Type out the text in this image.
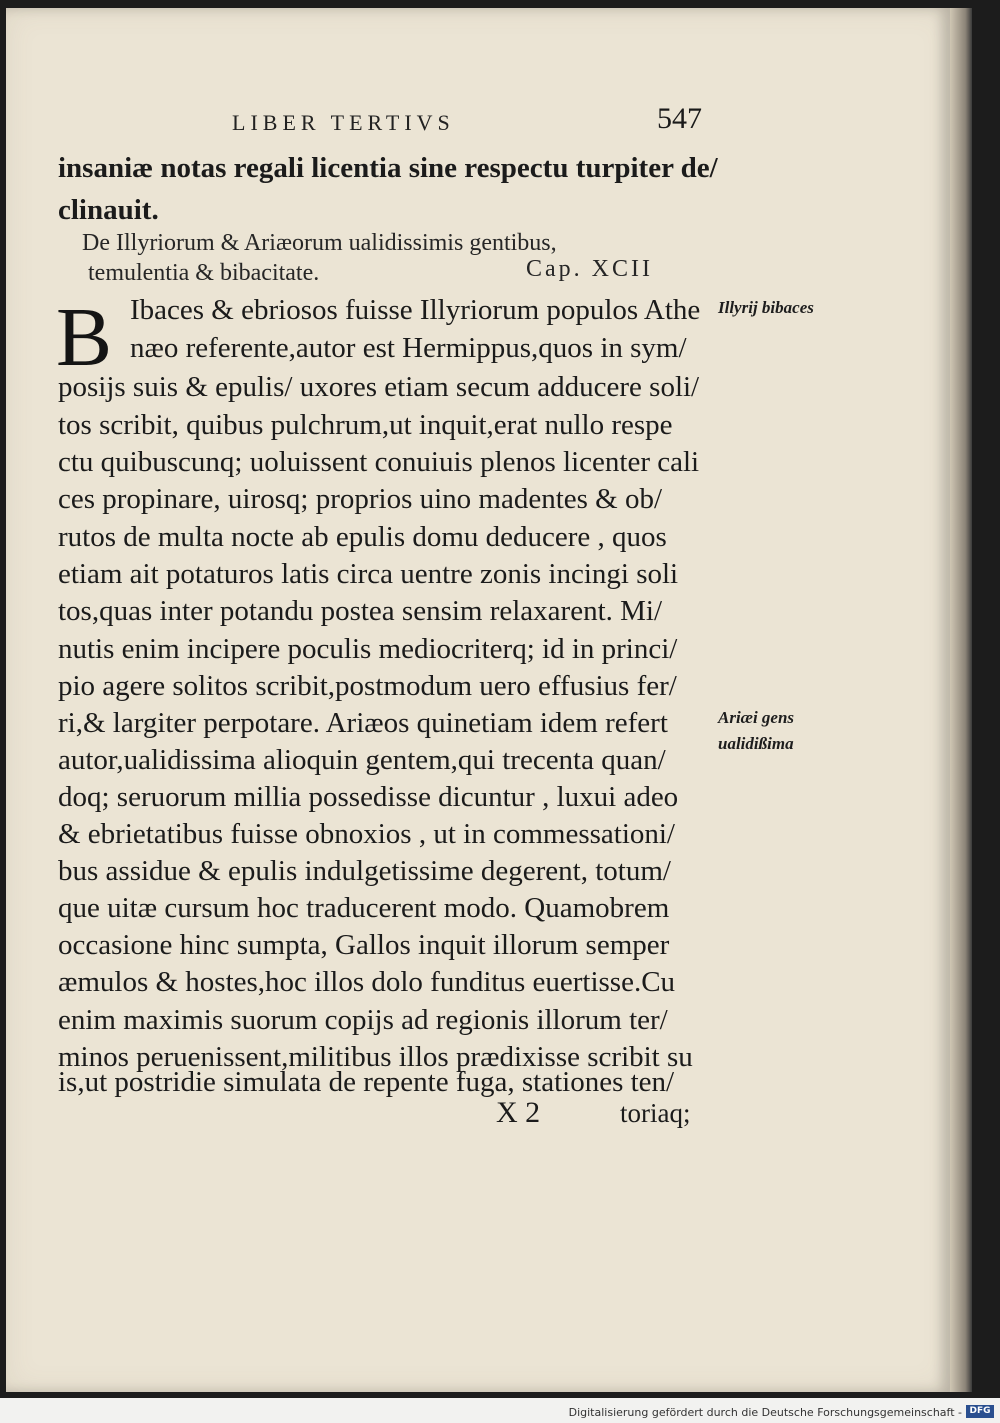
LIBER TERTIVS	547
insaniæ notas regali licentia sine respectu turpiter de/
clinauit.
De Illyriorum & Ariæorum ualidissimis gentibus,
temulentia & bibacitate.	Cap. XCII
B Ibaces & ebriosos fuisse Illyriorum populos Athe
næo referente,autor est Hermippus,quos in sym/
posijs suis & epulis/ uxores etiam secum adducere soli/
tos scribit, quibus pulchrum,ut inquit,erat nullo respe
ctu quibuscunq; uoluissent conuiuis plenos licenter cali
ces propinare, uirosq; proprios uino madentes & ob/
rutos de multa nocte ab epulis domu deducere , quos
etiam ait potaturos latis circa uentre zonis incingi soli
tos,quas inter potandu postea sensim relaxarent. Mi/
nutis enim incipere poculis mediocriterq; id in princi/
pio agere solitos scribit,postmodum uero effusius fer/
ri,& largiter perpotare. Ariæos quinetiam idem refert
autor,ualidissima alioquin gentem,qui trecenta quan/
doq; seruorum millia possedisse dicuntur , luxui adeo
& ebrietatibus fuisse obnoxios , ut in commessationi/
bus assidue & epulis indulgetissime degerent, totum/
que uitæ cursum hoc traducerent modo. Quamobrem
occasione hinc sumpta, Gallos inquit illorum semper
æmulos & hostes,hoc illos dolo funditus euertisse.Cu
enim maximis suorum copijs ad regionis illorum ter/
minos peruenissent,militibus illos prædixisse scribit su
is,ut postridie simulata de repente fuga, stationes ten/
Illyrij bibaces
Ariæi gens
ualidißima
X 2	toriaq;
Digitalisierung gefördert durch die Deutsche Forschungsgemeinschaft - DFG
